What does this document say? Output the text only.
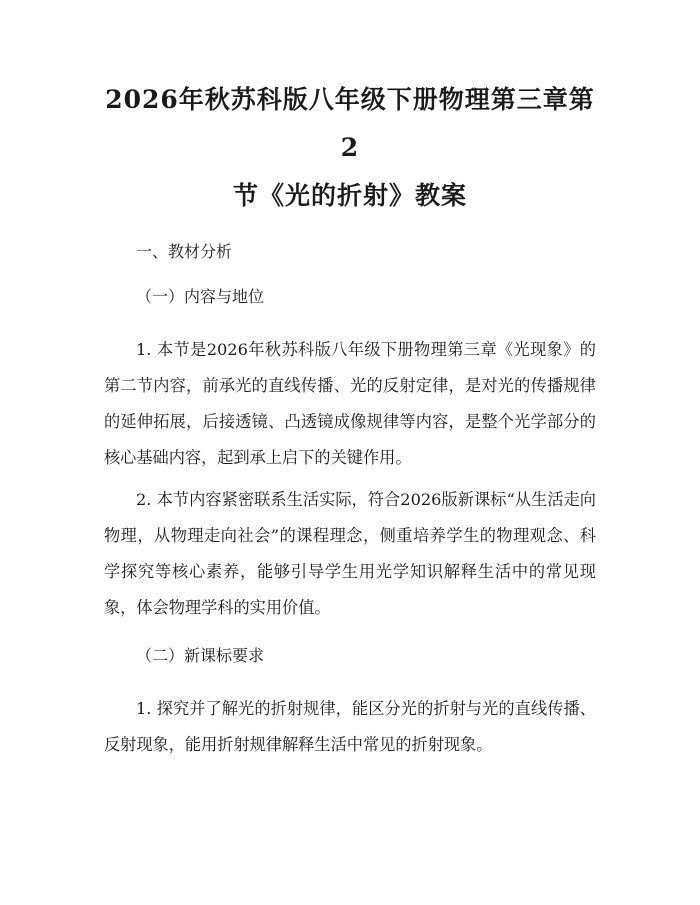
2026年秋苏科版八年级下册物理第三章第2
节《光的折射》教案

一、教材分析

（一）内容与地位

1. 本节是2026年秋苏科版八年级下册物理第三章《光现象》的第二节内容，前承光的直线传播、光的反射定律，是对光的传播规律的延伸拓展，后接透镜、凸透镜成像规律等内容，是整个光学部分的核心基础内容，起到承上启下的关键作用。

2. 本节内容紧密联系生活实际，符合2026版新课标“从生活走向物理，从物理走向社会”的课程理念，侧重培养学生的物理观念、科学探究等核心素养，能够引导学生用光学知识解释生活中的常见现象，体会物理学科的实用价值。

（二）新课标要求

1. 探究并了解光的折射规律，能区分光的折射与光的直线传播、反射现象，能用折射规律解释生活中常见的折射现象。
